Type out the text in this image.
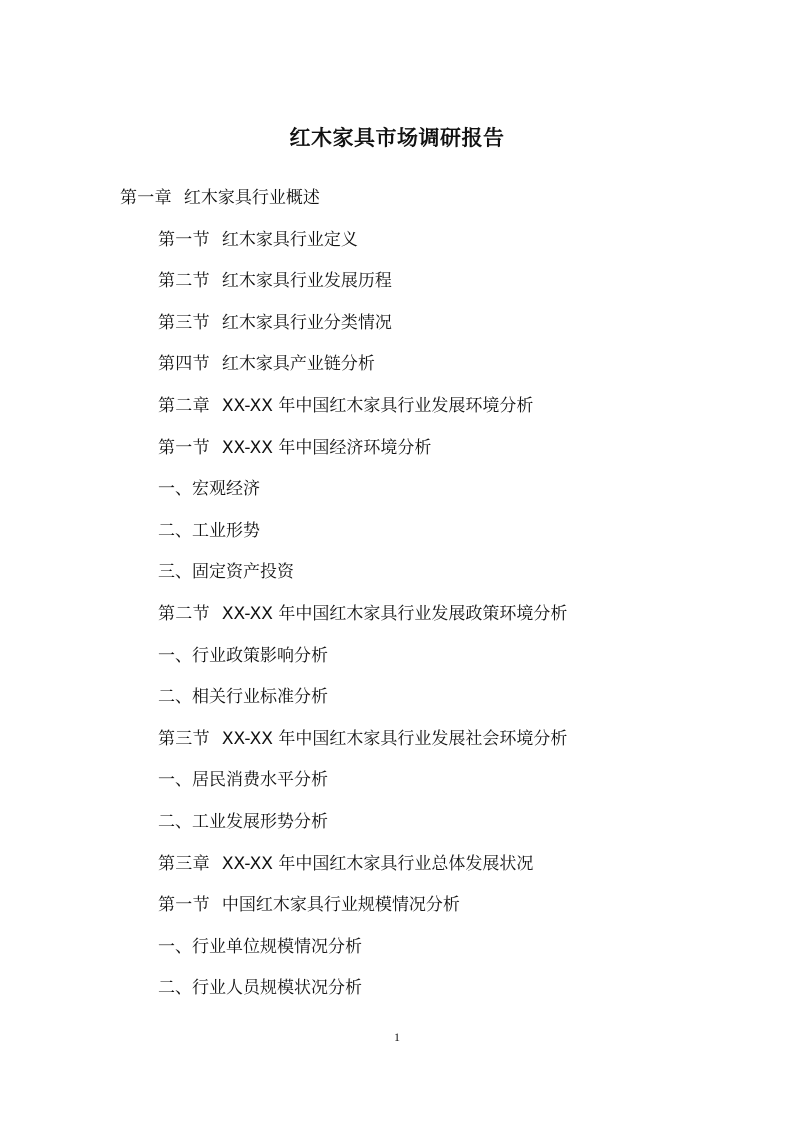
红木家具市场调研报告
第一章 红木家具行业概述
第一节 红木家具行业定义
第二节 红木家具行业发展历程
第三节 红木家具行业分类情况
第四节 红木家具产业链分析
第二章 XX-XX 年中国红木家具行业发展环境分析
第一节 XX-XX 年中国经济环境分析
一、宏观经济
二、工业形势
三、固定资产投资
第二节 XX-XX 年中国红木家具行业发展政策环境分析
一、行业政策影响分析
二、相关行业标准分析
第三节 XX-XX 年中国红木家具行业发展社会环境分析
一、居民消费水平分析
二、工业发展形势分析
第三章 XX-XX 年中国红木家具行业总体发展状况
第一节 中国红木家具行业规模情况分析
一、行业单位规模情况分析
二、行业人员规模状况分析
1
